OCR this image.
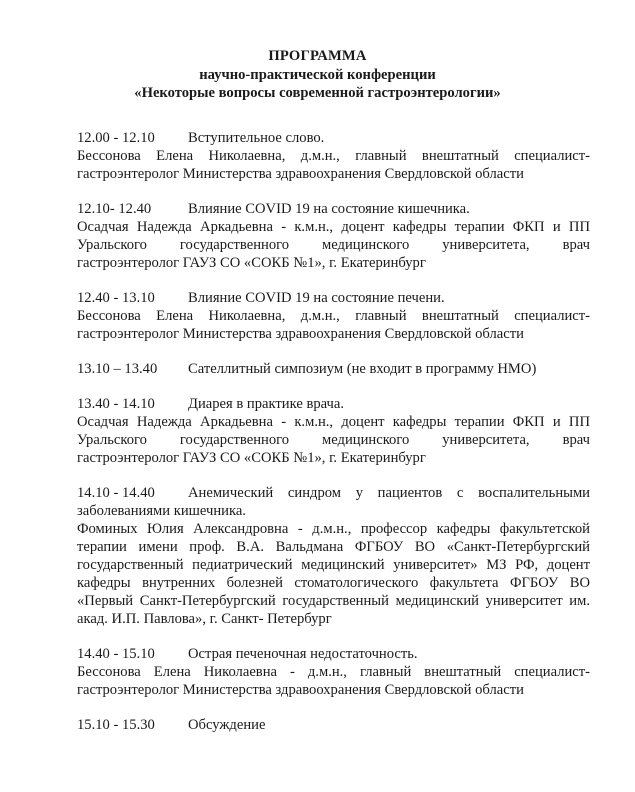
ПРОГРАММА
научно-практической конференции
«Некоторые вопросы современной гастроэнтерологии»
12.00 - 12.10	Вступительное слово.
Бессонова Елена Николаевна, д.м.н., главный внештатный специалист-
гастроэнтеролог Министерства здравоохранения Свердловской области
12.10- 12.40	Влияние COVID 19 на состояние кишечника.
Осадчая Надежда Аркадьевна - к.м.н., доцент кафедры терапии ФКП и ПП
Уральского государственного медицинского университета, врач
гастроэнтеролог ГАУЗ СО «СОКБ №1», г. Екатеринбург
12.40 - 13.10	Влияние COVID 19 на состояние печени.
Бессонова Елена Николаевна, д.м.н., главный внештатный специалист-
гастроэнтеролог Министерства здравоохранения Свердловской области
13.10 – 13.40	Сателлитный симпозиум (не входит в программу НМО)
13.40 - 14.10	Диарея в практике врача.
Осадчая Надежда Аркадьевна - к.м.н., доцент кафедры терапии ФКП и ПП
Уральского государственного медицинского университета, врач
гастроэнтеролог ГАУЗ СО «СОКБ №1», г. Екатеринбург
14.10 - 14.40	Анемический синдром у пациентов с воспалительными
заболеваниями кишечника.
Фоминых Юлия Александровна - д.м.н., профессор кафедры факультетской
терапии имени проф. В.А. Вальдмана ФГБОУ ВО «Санкт-Петербургский
государственный педиатрический медицинский университет» МЗ РФ, доцент
кафедры внутренних болезней стоматологического факультета ФГБОУ ВО
«Первый Санкт-Петербургский государственный медицинский университет им.
акад. И.П. Павлова», г. Санкт- Петербург
14.40 - 15.10	Острая печеночная недостаточность.
Бессонова Елена Николаевна - д.м.н., главный внештатный специалист-
гастроэнтеролог Министерства здравоохранения Свердловской области
15.10 - 15.30	Обсуждение
